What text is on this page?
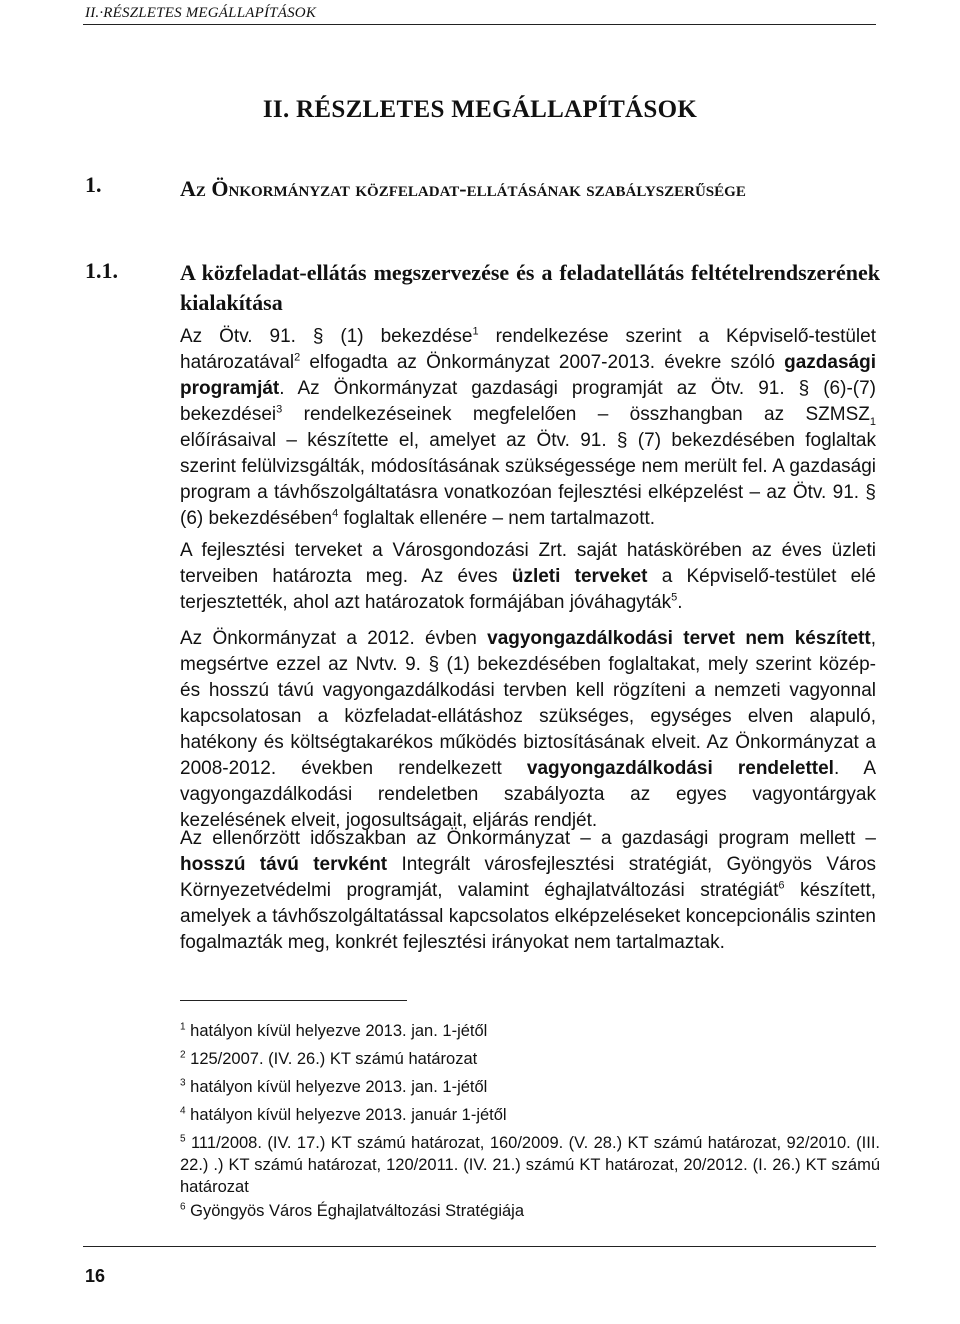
II.·RÉSZLETES MEGÁLLAPÍTÁSOK
II. RÉSZLETES MEGÁLLAPÍTÁSOK
1.	Az Önkormányzat közfeladat-ellátásának szabályszerűsége
1.1.	A közfeladat-ellátás megszervezése és a feladatellátás feltételrendszerének kialakítása
Az Ötv. 91. § (1) bekezdése$^1$ rendelkezése szerint a Képviselő-testület határozatával$^2$ elfogadta az Önkormányzat 2007-2013. évekre szóló gazdasági programját. Az Önkormányzat gazdasági programját az Ötv. 91. § (6)-(7) bekezdései$^3$ rendelkezéseinek megfelelően – összhangban az $SZMSZ_1$ előírásaival – készítette el, amelyet az Ötv. 91. § (7) bekezdésében foglaltak szerint felülvizsgálták, módosításának szükségessége nem merült fel. A gazdasági program a távhőszolgáltatásra vonatkozóan fejlesztési elképzelést – az Ötv. 91. § (6) bekezdésében$^4$ foglaltak ellenére – nem tartalmazott.
A fejlesztési terveket a Városgondozási Zrt. saját hatáskörében az éves üzleti terveiben határozta meg. Az éves üzleti terveket a Képviselő-testület elé terjesztették, ahol azt határozatok formájában jóváhagyták$^5$.
Az Önkormányzat a 2012. évben vagyongazdálkodási tervet nem készített, megsértve ezzel az Nvtv. 9. § (1) bekezdésében foglaltakat, mely szerint közép- és hosszú távú vagyongazdálkodási tervben kell rögzíteni a nemzeti vagyonnal kapcsolatosan a közfeladat-ellátáshoz szükséges, egységes elven alapuló, hatékony és költségtakarékos működés biztosításának elveit. Az Önkormányzat a 2008-2012. években rendelkezett vagyongazdálkodási rendelettel. A vagyongazdálkodási rendeletben szabályozta az egyes vagyontárgyak kezelésének elveit, jogosultságait, eljárás rendjét.
Az ellenőrzött időszakban az Önkormányzat – a gazdasági program mellett – hosszú távú tervként Integrált városfejlesztési stratégiát, Gyöngyös Város Környezetvédelmi programját, valamint éghajlatváltozási stratégiát$^6$ készített, amelyek a távhőszolgáltatással kapcsolatos elképzeléseket koncepcionális szinten fogalmazták meg, konkrét fejlesztési irányokat nem tartalmaztak.
$^1$ hatályon kívül helyezve 2013. jan. 1-jétől
$^2$ 125/2007. (IV. 26.) KT számú határozat
$^3$ hatályon kívül helyezve 2013. jan. 1-jétől
$^4$ hatályon kívül helyezve 2013. január 1-jétől
$^5$ 111/2008. (IV. 17.) KT számú határozat, 160/2009. (V. 28.) KT számú határozat, 92/2010. (III. 22.) .) KT számú határozat, 120/2011. (IV. 21.) számú KT határozat, 20/2012. (I. 26.) KT számú határozat
$^6$ Gyöngyös Város Éghajlatváltozási Stratégiája
16
